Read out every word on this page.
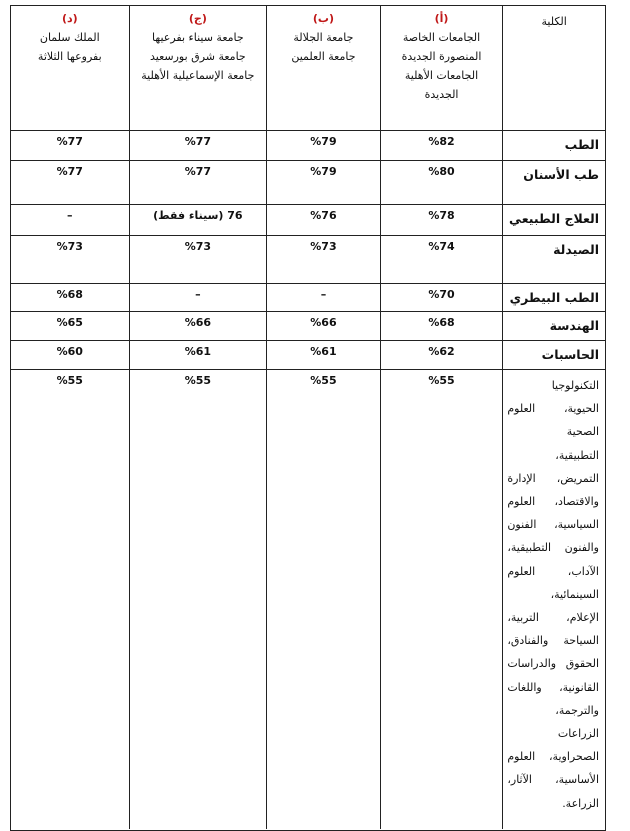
الكلية
(أ)
الجامعات الخاصة
المنصورة الجديدة
الجامعات الأهلية
الجديدة
(ب)
جامعة الجلالة
جامعة العلمين
(ج)
جامعة سيناء بفرعيها
جامعة شرق بورسعيد
جامعة الإسماعيلية الأهلية
(د)
الملك سلمان
بفروعها الثلاثة
الطب
%82
%79
%77
%77
طب الأسنان
%80
%79
%77
%77
العلاج الطبيعي
%78
%76
76 (سيناء فقط)
–
الصيدلة
%74
%73
%73
%73
الطب البيطري
%70
–
–
%68
الهندسة
%68
%66
%66
%65
الحاسبات
%62
%61
%61
%60
التكنولوجيا
الحيوية، العلوم
الصحية
التطبيقية،
التمريض، الإدارة
والاقتصاد، العلوم
السياسية، الفنون
والفنون التطبيقية،
الآداب، العلوم
السينمائية،
الإعلام، التربية،
السياحة والفنادق،
الحقوق والدراسات
القانونية، واللغات
والترجمة،
الزراعات
الصحراوية، العلوم
الأساسية، الآثار،
الزراعة.
%55
%55
%55
%55
